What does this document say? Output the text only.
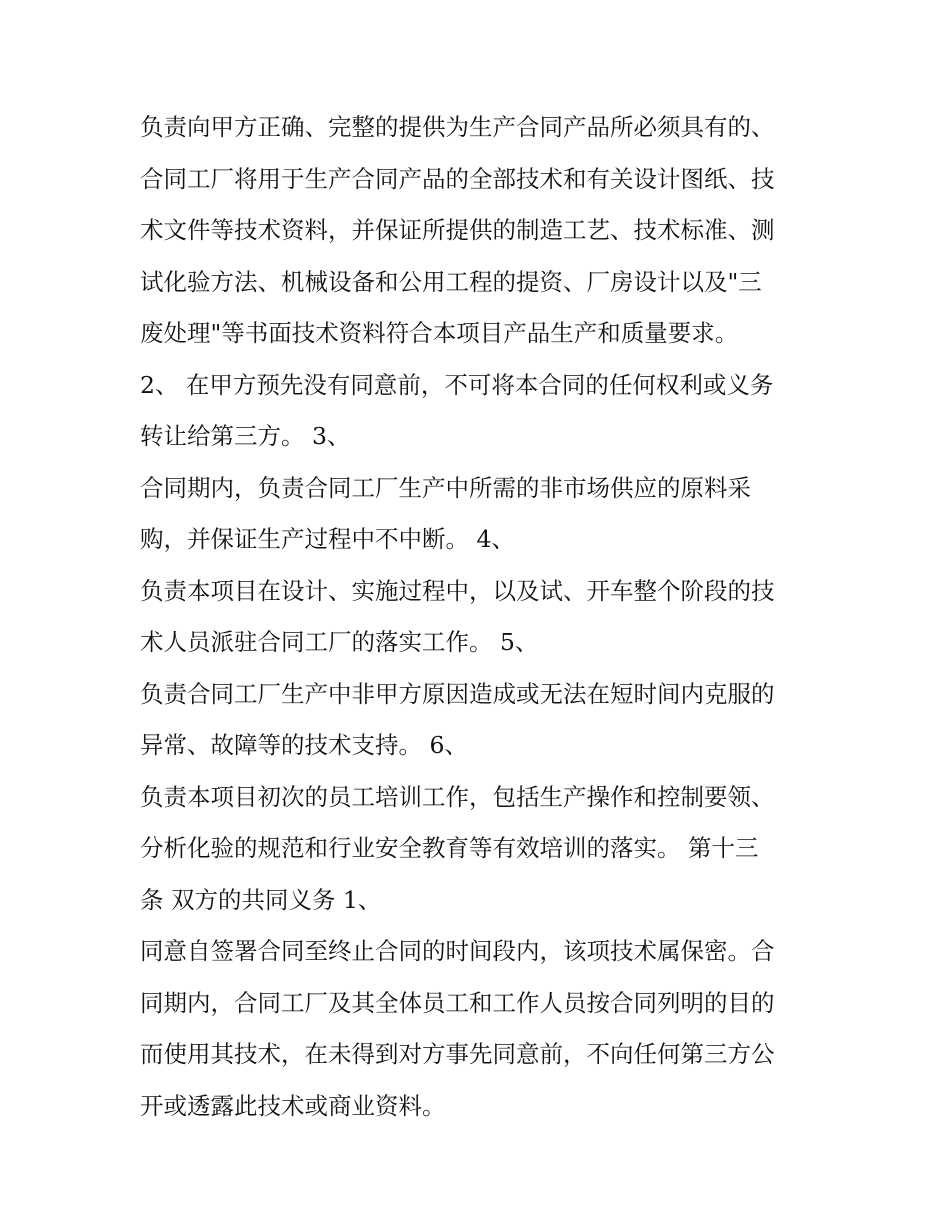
负责向甲方正确、完整的提供为生产合同产品所必须具有的、
合同工厂将用于生产合同产品的全部技术和有关设计图纸、技
术文件等技术资料，并保证所提供的制造工艺、技术标准、测
试化验方法、机械设备和公用工程的提资、厂房设计以及"三
废处理"等书面技术资料符合本项目产品生产和质量要求。
2、 在甲方预先没有同意前，不可将本合同的任何权利或义务
转让给第三方。 3、
合同期内，负责合同工厂生产中所需的非市场供应的原料采
购，并保证生产过程中不中断。 4、
负责本项目在设计、实施过程中，以及试、开车整个阶段的技
术人员派驻合同工厂的落实工作。 5、
负责合同工厂生产中非甲方原因造成或无法在短时间内克服的
异常、故障等的技术支持。 6、
负责本项目初次的员工培训工作，包括生产操作和控制要领、
分析化验的规范和行业安全教育等有效培训的落实。 第十三
条 双方的共同义务 1、
同意自签署合同至终止合同的时间段内，该项技术属保密。合
同期内，合同工厂及其全体员工和工作人员按合同列明的目的
而使用其技术，在未得到对方事先同意前，不向任何第三方公
开或透露此技术或商业资料。
